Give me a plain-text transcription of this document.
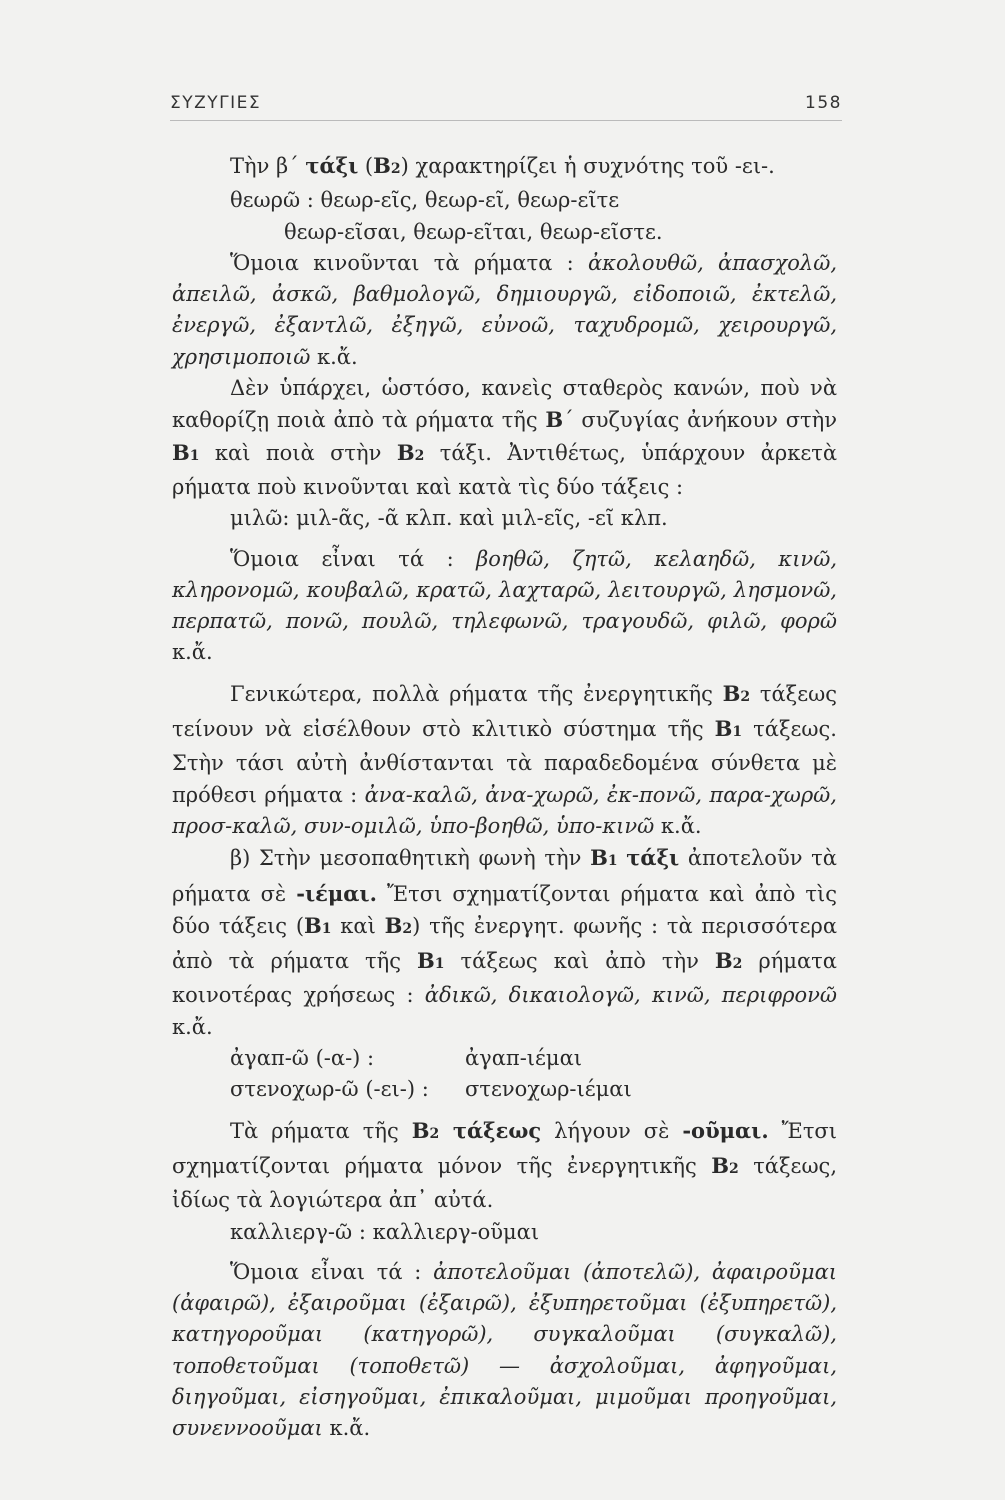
ΣΥΖΥΓΙΕΣ	158

Τὴν β΄ τάξι (B2) χαρακτηρίζει ἡ συχνότης τοῦ -ει-.

θεωρῶ : θεωρ-εῖς, θεωρ-εῖ, θεωρ-εῖτε

θεωρ-εῖσαι, θεωρ-εῖται, θεωρ-εῖστε.

Ὅμοια κινοῦνται τὰ ρήματα : ἀκολουθῶ, ἀπασχολῶ, ἀπειλῶ, ἀσκῶ, βαθμολογῶ, δημιουργῶ, εἰδοποιῶ, ἐκτελῶ, ἐνεργῶ, ἐξαντλῶ, ἐξηγῶ, εὐνοῶ, ταχυδρομῶ, χειρουργῶ, χρησιμοποιῶ κ.ἄ.

Δὲν ὑπάρχει, ὡστόσο, κανεὶς σταθερὸς κανών, ποὺ νὰ καθορίζῃ ποιὰ ἀπὸ τὰ ρήματα τῆς B΄ συζυγίας ἀνήκουν στὴν B1 καὶ ποιὰ στὴν B2 τάξι. Ἀντιθέτως, ὑπάρχουν ἀρκετὰ ρήματα ποὺ κινοῦνται καὶ κατὰ τὶς δύο τάξεις :

μιλῶ: μιλ-ᾶς, -ᾶ κλπ. καὶ μιλ-εῖς, -εῖ κλπ.

Ὅμοια εἶναι τά : βοηθῶ, ζητῶ, κελαηδῶ, κινῶ, κληρονομῶ, κουβαλῶ, κρατῶ, λαχταρῶ, λειτουργῶ, λησμονῶ, περπατῶ, πονῶ, πουλῶ, τηλεφωνῶ, τραγουδῶ, φιλῶ, φορῶ κ.ἄ.

Γενικώτερα, πολλὰ ρήματα τῆς ἐνεργητικῆς B2 τάξεως τείνουν νὰ εἰσέλθουν στὸ κλιτικὸ σύστημα τῆς B1 τάξεως. Στὴν τάσι αὐτὴ ἀνθίστανται τὰ παραδεδομένα σύνθετα μὲ πρόθεσι ρήματα : ἀνα-καλῶ, ἀνα-χωρῶ, ἐκ-πονῶ, παρα-χωρῶ, προσ-καλῶ, συν-ομιλῶ, ὑπο-βοηθῶ, ὑπο-κινῶ κ.ἄ.

β) Στὴν μεσοπαθητικὴ φωνὴ τὴν B1 τάξι ἀποτελοῦν τὰ ρήματα σὲ -ιέμαι. Ἔτσι σχηματίζονται ρήματα καὶ ἀπὸ τὶς δύο τάξεις (B1 καὶ B2) τῆς ἐνεργητ. φωνῆς : τὰ περισσότερα ἀπὸ τὰ ρήματα τῆς B1 τάξεως καὶ ἀπὸ τὴν B2 ρήματα κοινοτέρας χρήσεως : ἀδικῶ, δικαιολογῶ, κινῶ, περιφρονῶ κ.ἄ.

ἀγαπ-ῶ (-α-) :	ἀγαπ-ιέμαι
στενοχωρ-ῶ (-ει-) :	στενοχωρ-ιέμαι

Τὰ ρήματα τῆς B2 τάξεως λήγουν σὲ -οῦμαι. Ἔτσι σχηματίζονται ρήματα μόνον τῆς ἐνεργητικῆς B2 τάξεως, ἰδίως τὰ λογιώτερα ἀπ᾿ αὐτά.

καλλιεργ-ῶ : καλλιεργ-οῦμαι

Ὅμοια εἶναι τά : ἀποτελοῦμαι (ἀποτελῶ), ἀφαιροῦμαι (ἀφαιρῶ), ἐξαιροῦμαι (ἐξαιρῶ), ἐξυπηρετοῦμαι (ἐξυπηρετῶ), κατηγοροῦμαι (κατηγορῶ), συγκαλοῦμαι (συγκαλῶ), τοποθετοῦμαι (τοποθετῶ) — ἀσχολοῦμαι, ἀφηγοῦμαι, διηγοῦμαι, εἰσηγοῦμαι, ἐπικαλοῦμαι, μιμοῦμαι προηγοῦμαι, συνεννοοῦμαι κ.ἄ.
